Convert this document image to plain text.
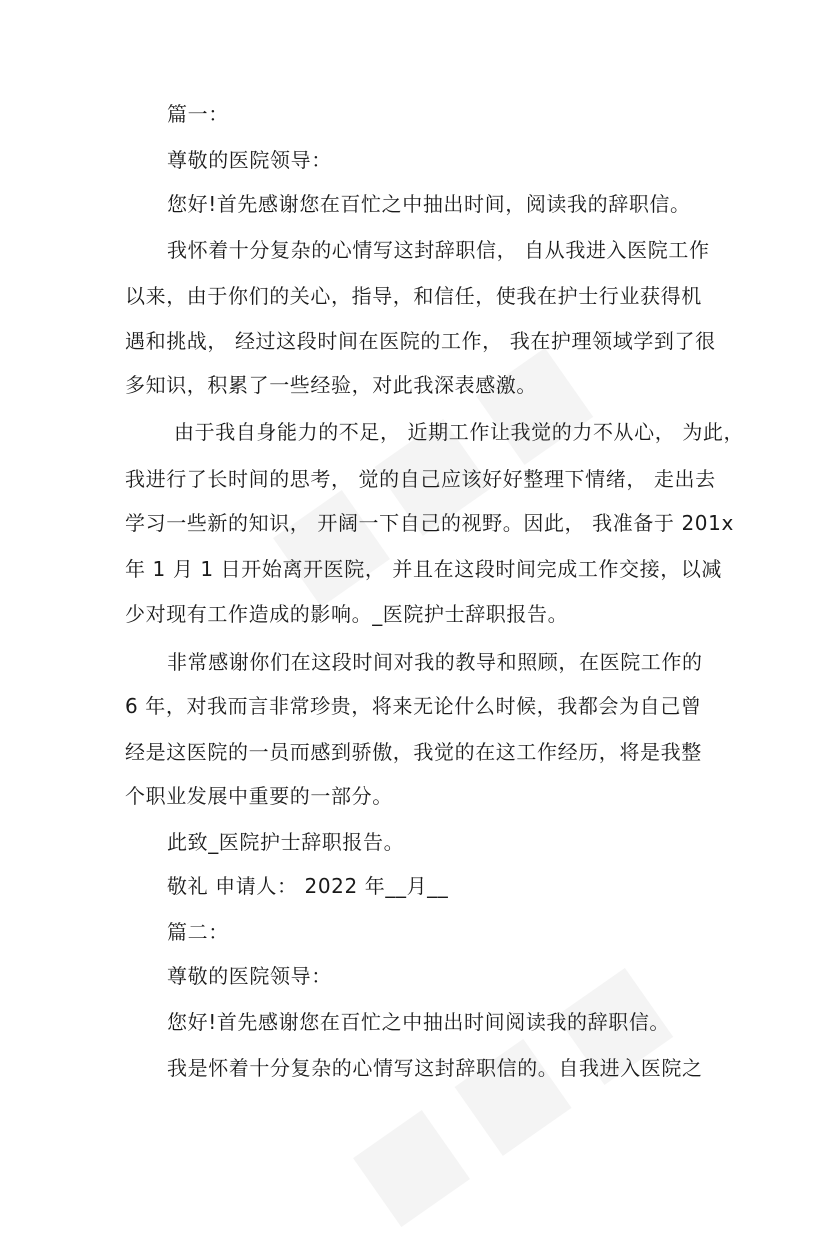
篇一：
尊敬的医院领导：
您好!首先感谢您在百忙之中抽出时间，阅读我的辞职信。
我怀着十分复杂的心情写这封辞职信， 自从我进入医院工作
以来，由于你们的关心，指导，和信任，使我在护士行业获得机
遇和挑战， 经过这段时间在医院的工作， 我在护理领域学到了很
多知识，积累了一些经验，对此我深表感激。
由于我自身能力的不足， 近期工作让我觉的力不从心， 为此，
我进行了长时间的思考， 觉的自己应该好好整理下情绪， 走出去
学习一些新的知识， 开阔一下自己的视野。因此， 我准备于 201x
年 1 月 1 日开始离开医院， 并且在这段时间完成工作交接，以减
少对现有工作造成的影响。_医院护士辞职报告。
非常感谢你们在这段时间对我的教导和照顾，在医院工作的
6 年，对我而言非常珍贵，将来无论什么时候，我都会为自己曾
经是这医院的一员而感到骄傲，我觉的在这工作经历，将是我整
个职业发展中重要的一部分。
此致_医院护士辞职报告。
敬礼 申请人： 2022 年__月__
篇二：
尊敬的医院领导：
您好!首先感谢您在百忙之中抽出时间阅读我的辞职信。
我是怀着十分复杂的心情写这封辞职信的。自我进入医院之
